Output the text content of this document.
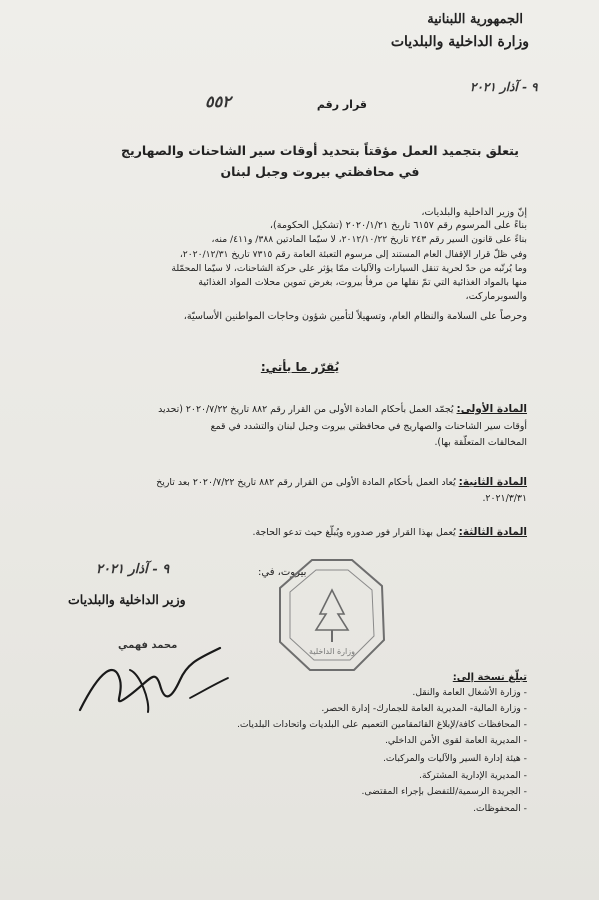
الجمهورية اللبنانية
وزارة الداخلية والبلديات
٩ - آذار ٢٠٢١
قرار رقم
٥٥٢
يتعلق بتجميد العمل مؤقتاً بتحديد أوقات سير الشاحنات والصهاريج
في محافظتي بيروت وجبل لبنان
إنّ وزير الداخلية والبلديات،
بناءً على المرسوم رقم ٦١٥٧ تاريخ ٢٠٢٠/١/٢١ (تشكيل الحكومة)،
بناءً على قانون السير رقم ٢٤٣ تاريخ ٢٠١٢/١٠/٢٢، لا سيّما المادتين ٣٨٨/ و٤١١/ منه،
وفي ظلّ قرار الإقفال العام المستند إلى مرسوم التعبئة العامة رقم ٧٣١٥ تاريخ ٢٠٢٠/١٢/٣١،
وما يُرتّبه من حدّ لحرية تنقل السيارات والآليات ممّا يؤثر على حركة الشاحنات، لا سيّما المحمّلة
منها بالمواد الغذائية التي تمّ نقلها من مرفأ بيروت، بغرض تموين محلات المواد الغذائية
والسوبرماركت،
وحرصاً على السلامة والنظام العام، وتسهيلاً لتأمين شؤون وحاجات المواطنين الأساسيّة،
يُقرّر ما يأتي:
المادة الأولى: يُجمّد العمل بأحكام المادة الأولى من القرار رقم ٨٨٢ تاريخ ٢٠٢٠/٧/٢٢ (تحديد
أوقات سير الشاحنات والصهاريج في محافظتي بيروت وجبل لبنان والتشدد في قمع
المخالفات المتعلّقة بها).
المادة الثانية: يُعاد العمل بأحكام المادة الأولى من القرار رقم ٨٨٢ تاريخ ٢٠٢٠/٧/٢٢ بعد تاريخ
٢٠٢١/٣/٣١.
المادة الثالثة: يُعمل بهذا القرار فور صدوره ويُبلّغ حيث تدعو الحاجة.
بيروت، في:
٩ - آذار ٢٠٢١
وزير الداخلية والبلديات
محمد فهمي
وزارة الداخلية
تبلّغ نسخة إلى:
- وزارة الأشغال العامة والنقل.
- وزارة المالية- المديرية العامة للجمارك- إدارة الحصر.
- المحافظات كافة/لإبلاغ القائمقامين التعميم على البلديات واتحادات البلديات.
- المديرية العامة لقوى الأمن الداخلي.
- هيئة إدارة السير والآليات والمركبات.
- المديرية الإدارية المشتركة.
- الجريدة الرسمية/للتفضل بإجراء المقتضى.
- المحفوظات.
